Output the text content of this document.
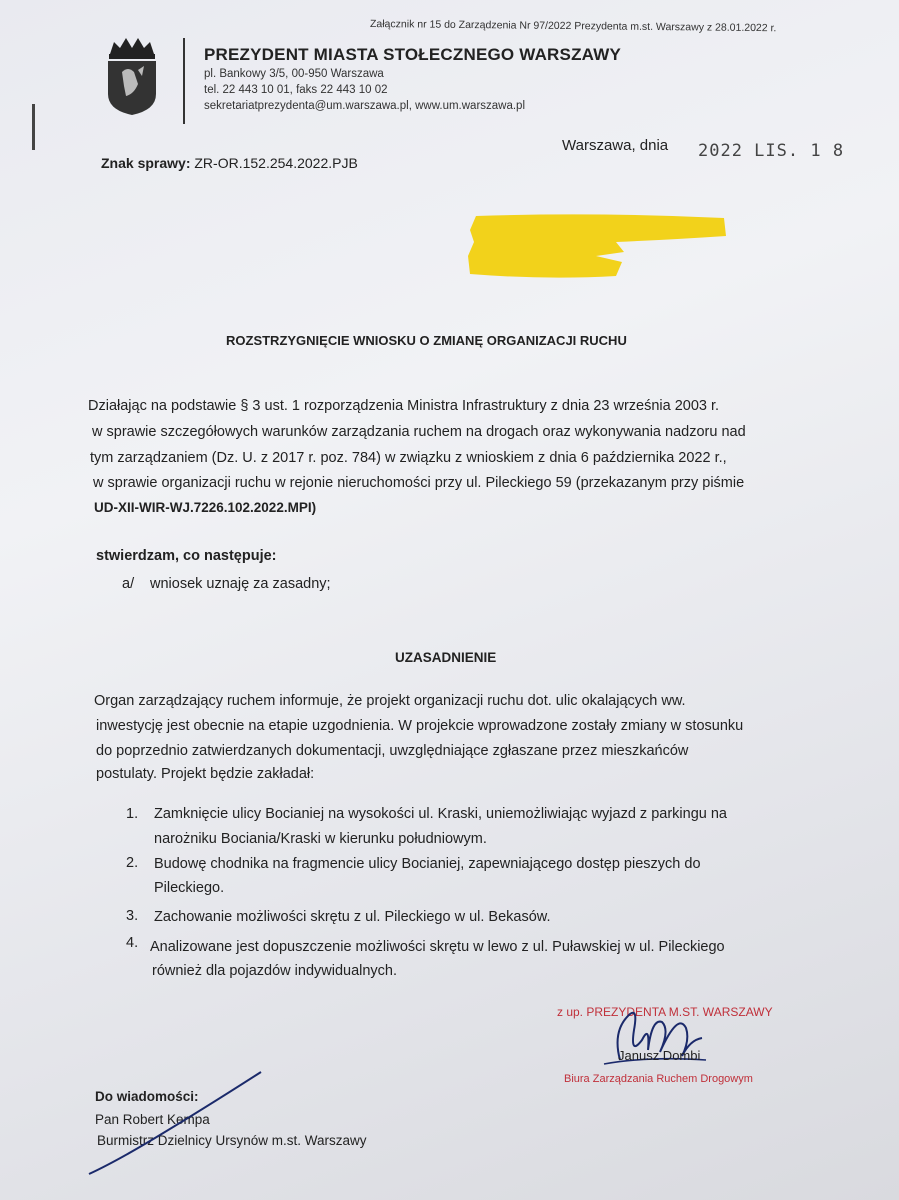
Załącznik nr 15 do Zarządzenia Nr 97/2022 Prezydenta m.st. Warszawy z 28.01.2022 r.
PREZYDENT MIASTA STOŁECZNEGO WARSZAWY
pl. Bankowy 3/5, 00-950 Warszawa
tel. 22 443 10 01, faks 22 443 10 02
sekretariatprezydenta@um.warszawa.pl, www.um.warszawa.pl
Warszawa, dnia 2022 LIS. 1 8
Znak sprawy: ZR-OR.152.254.2022.PJB
ROZSTRZYGNIĘCIE WNIOSKU O ZMIANĘ ORGANIZACJI RUCHU
Działając na podstawie § 3 ust. 1 rozporządzenia Ministra Infrastruktury z dnia 23 września 2003 r.
w sprawie szczegółowych warunków zarządzania ruchem na drogach oraz wykonywania nadzoru nad
tym zarządzaniem (Dz. U. z 2017 r. poz. 784) w związku z wnioskiem z dnia 6 października 2022 r.,
w sprawie organizacji ruchu w rejonie nieruchomości przy ul. Pileckiego 59 (przekazanym przy piśmie
UD-XII-WIR-WJ.7226.102.2022.MPI)
stwierdzam, co następuje:
a/ wniosek uznaję za zasadny;
UZASADNIENIE
Organ zarządzający ruchem informuje, że projekt organizacji ruchu dot. ulic okalających ww.
inwestycję jest obecnie na etapie uzgodnienia. W projekcie wprowadzone zostały zmiany w stosunku
do poprzednio zatwierdzanych dokumentacji, uwzględniające zgłaszane przez mieszkańców
postulaty. Projekt będzie zakładał:
1. Zamknięcie ulicy Bocianiej na wysokości ul. Kraski, uniemożliwiając wyjazd z parkingu na
narożniku Bociania/Kraski w kierunku południowym.
2. Budowę chodnika na fragmencie ulicy Bocianiej, zapewniającego dostęp pieszych do
Pileckiego.
3. Zachowanie możliwości skrętu z ul. Pileckiego w ul. Bekasów.
4. Analizowane jest dopuszczenie możliwości skrętu w lewo z ul. Puławskiej w ul. Pileckiego
również dla pojazdów indywidualnych.
z up. PREZYDENTA M.ST. WARSZAWY
Janusz Dombi
Biura Zarządzania Ruchem Drogowym
Do wiadomości:
Pan Robert Kempa
Burmistrz Dzielnicy Ursynów m.st. Warszawy
